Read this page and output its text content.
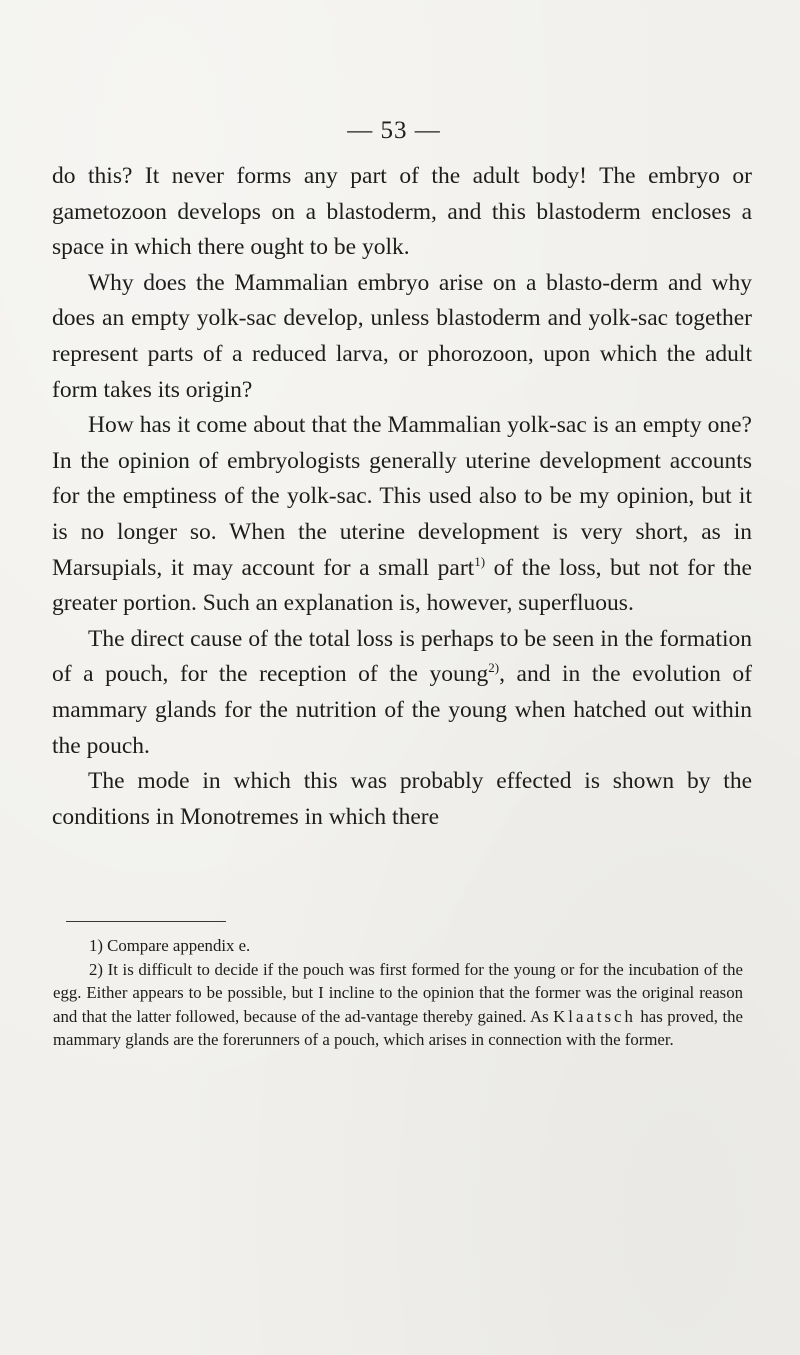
— 53 —

do this? It never forms any part of the adult body! The embryo or gametozoon develops on a blastoderm, and this blastoderm encloses a space in which there ought to be yolk.

Why does the Mammalian embryo arise on a blasto-derm and why does an empty yolk-sac develop, unless blastoderm and yolk-sac together represent parts of a reduced larva, or phorozoon, upon which the adult form takes its origin?

How has it come about that the Mammalian yolk-sac is an empty one? In the opinion of embryologists generally uterine development accounts for the emptiness of the yolk-sac. This used also to be my opinion, but it is no longer so. When the uterine development is very short, as in Marsupials, it may account for a small part$^{1)}$ of the loss, but not for the greater portion. Such an explanation is, however, superfluous.

The direct cause of the total loss is perhaps to be seen in the formation of a pouch, for the reception of the young$^{2)}$, and in the evolution of mammary glands for the nutrition of the young when hatched out within the pouch.

The mode in which this was probably effected is shown by the conditions in Monotremes in which there

1) Compare appendix e.

2) It is difficult to decide if the pouch was first formed for the young or for the incubation of the egg. Either appears to be possible, but I incline to the opinion that the former was the original reason and that the latter followed, because of the ad-vantage thereby gained. As Klaatsch has proved, the mammary glands are the forerunners of a pouch, which arises in connection with the former.
